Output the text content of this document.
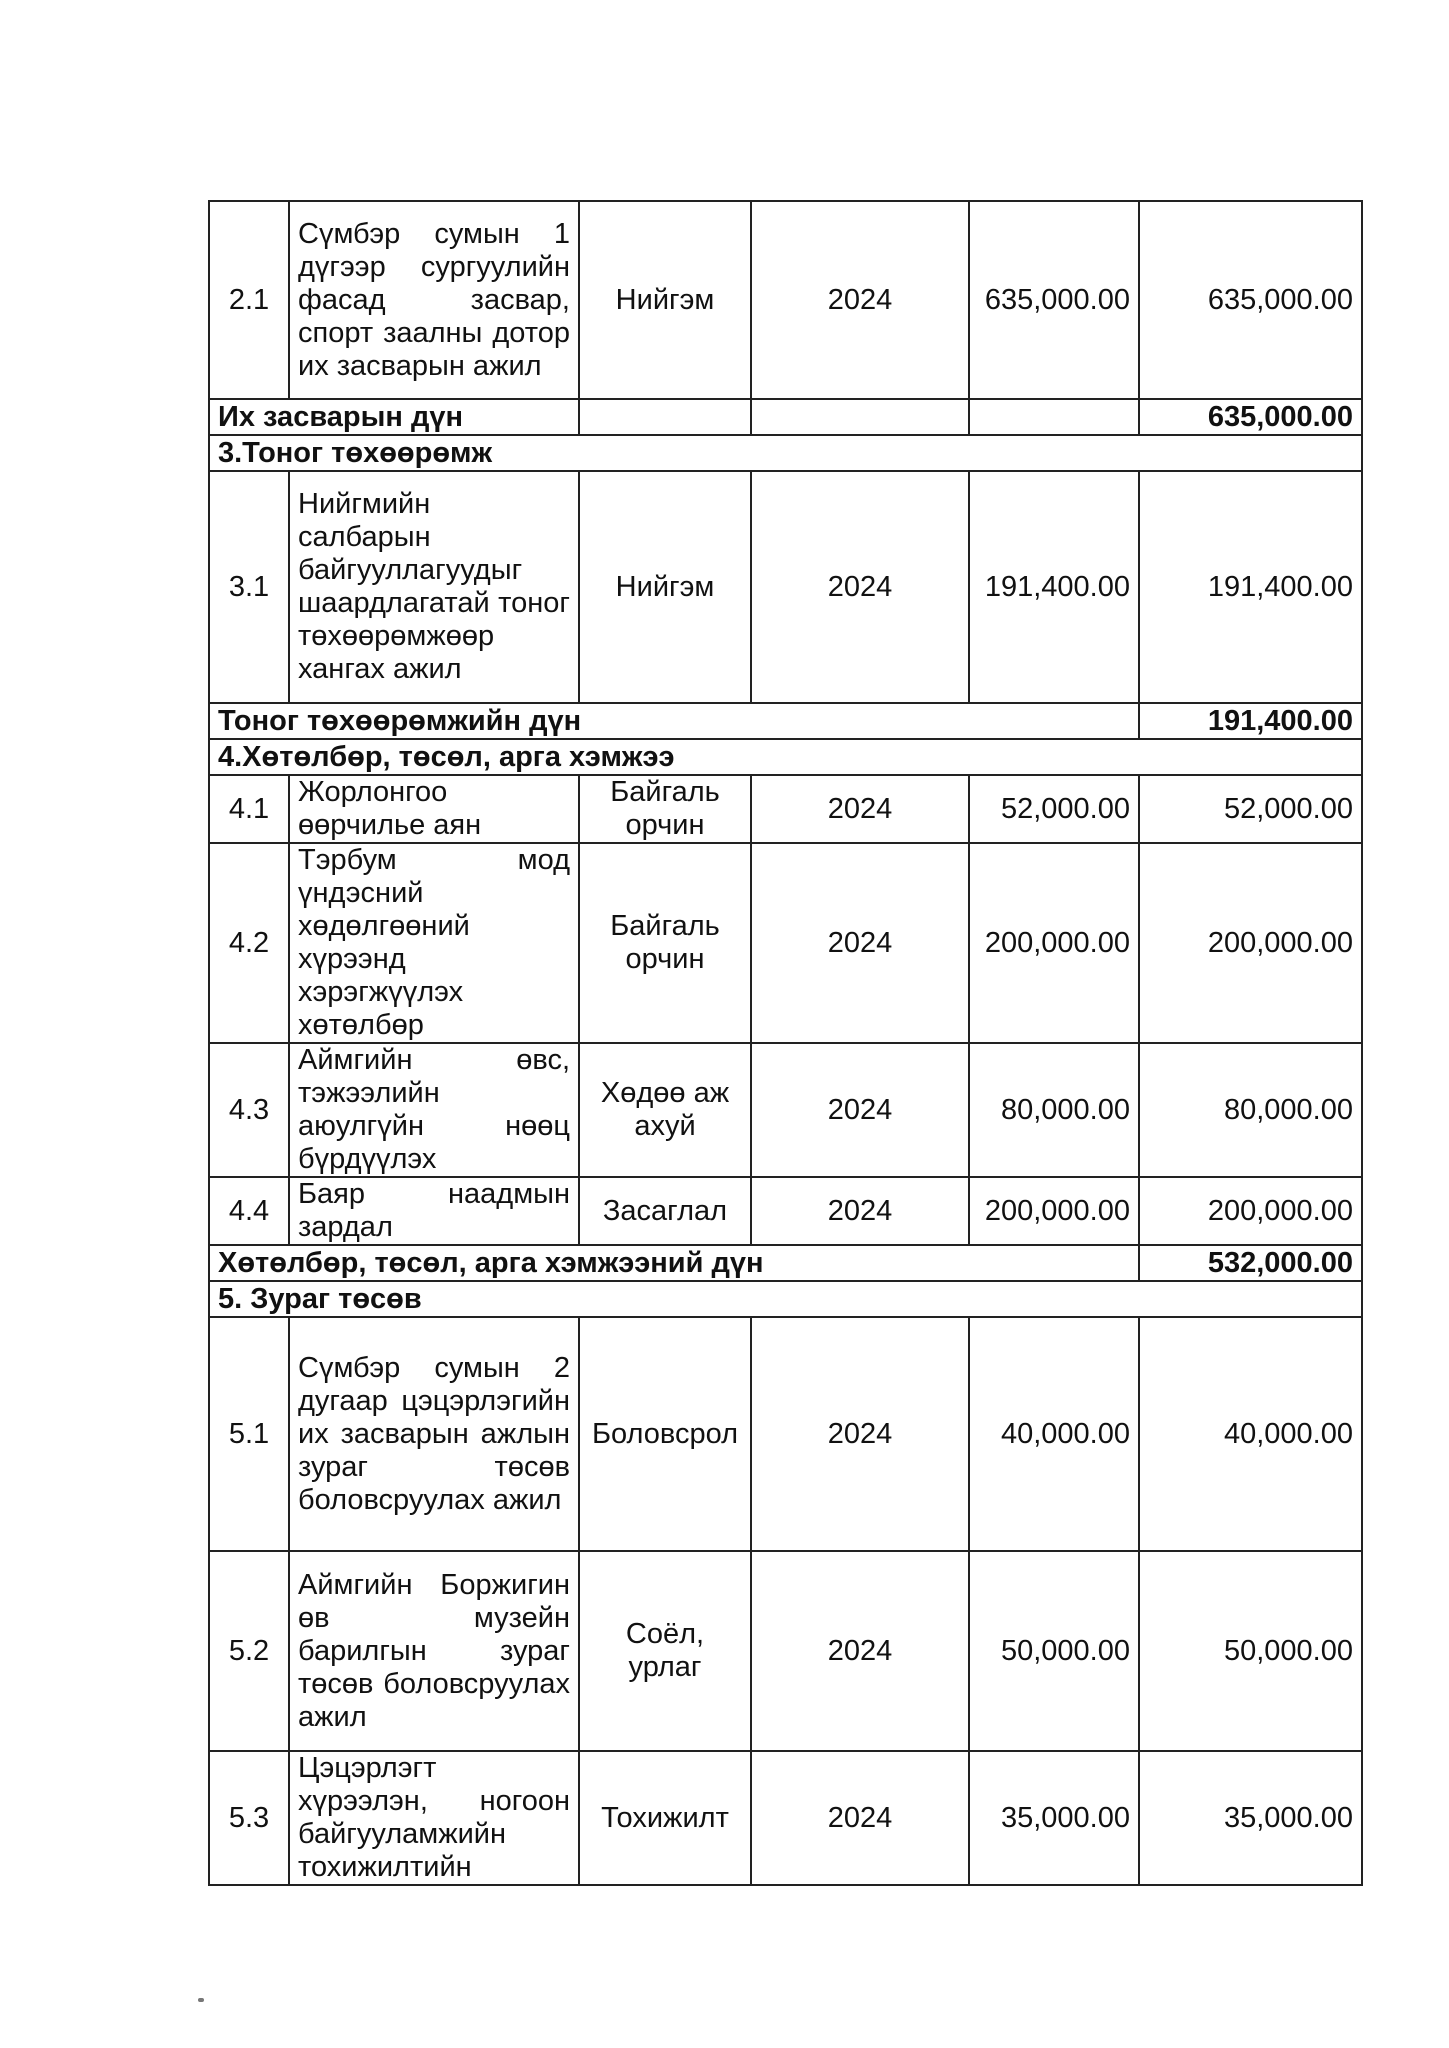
2.1	Сүмбэр сумын 1 дүгээр сургуулийн фасад засвар, спорт заалны дотор их засварын ажил	Нийгэм	2024	635,000.00	635,000.00
Их засварын дүн					635,000.00
3.Тоног төхөөрөмж					
3.1	Нийгмийн салбарын байгууллагуудыг шаардлагатай тоног төхөөрөмжөөр хангах ажил	Нийгэм	2024	191,400.00	191,400.00
Тоног төхөөрөмжийн дүн					191,400.00
4.Хөтөлбөр, төсөл, арга хэмжээ					
4.1	Жорлонгоо өөрчилье аян	Байгаль орчин	2024	52,000.00	52,000.00
4.2	Тэрбум мод үндэсний хөдөлгөөний хүрээнд хэрэгжүүлэх хөтөлбөр	Байгаль орчин	2024	200,000.00	200,000.00
4.3	Аймгийн өвс, тэжээлийн аюулгүйн нөөц бүрдүүлэх	Хөдөө аж ахуй	2024	80,000.00	80,000.00
4.4	Баяр наадмын зардал	Засаглал	2024	200,000.00	200,000.00
Хөтөлбөр, төсөл, арга хэмжээний дүн					532,000.00
5. Зураг төсөв					
5.1	Сүмбэр сумын 2 дугаар цэцэрлэгийн их засварын ажлын зураг төсөв боловсруулах ажил	Боловсрол	2024	40,000.00	40,000.00
5.2	Аймгийн Боржигин өв музейн барилгын зураг төсөв боловсруулах ажил	Соёл, урлаг	2024	50,000.00	50,000.00
5.3	Цэцэрлэгт хүрээлэн, ногоон байгууламжийн тохижилтийн	Тохижилт	2024	35,000.00	35,000.00
